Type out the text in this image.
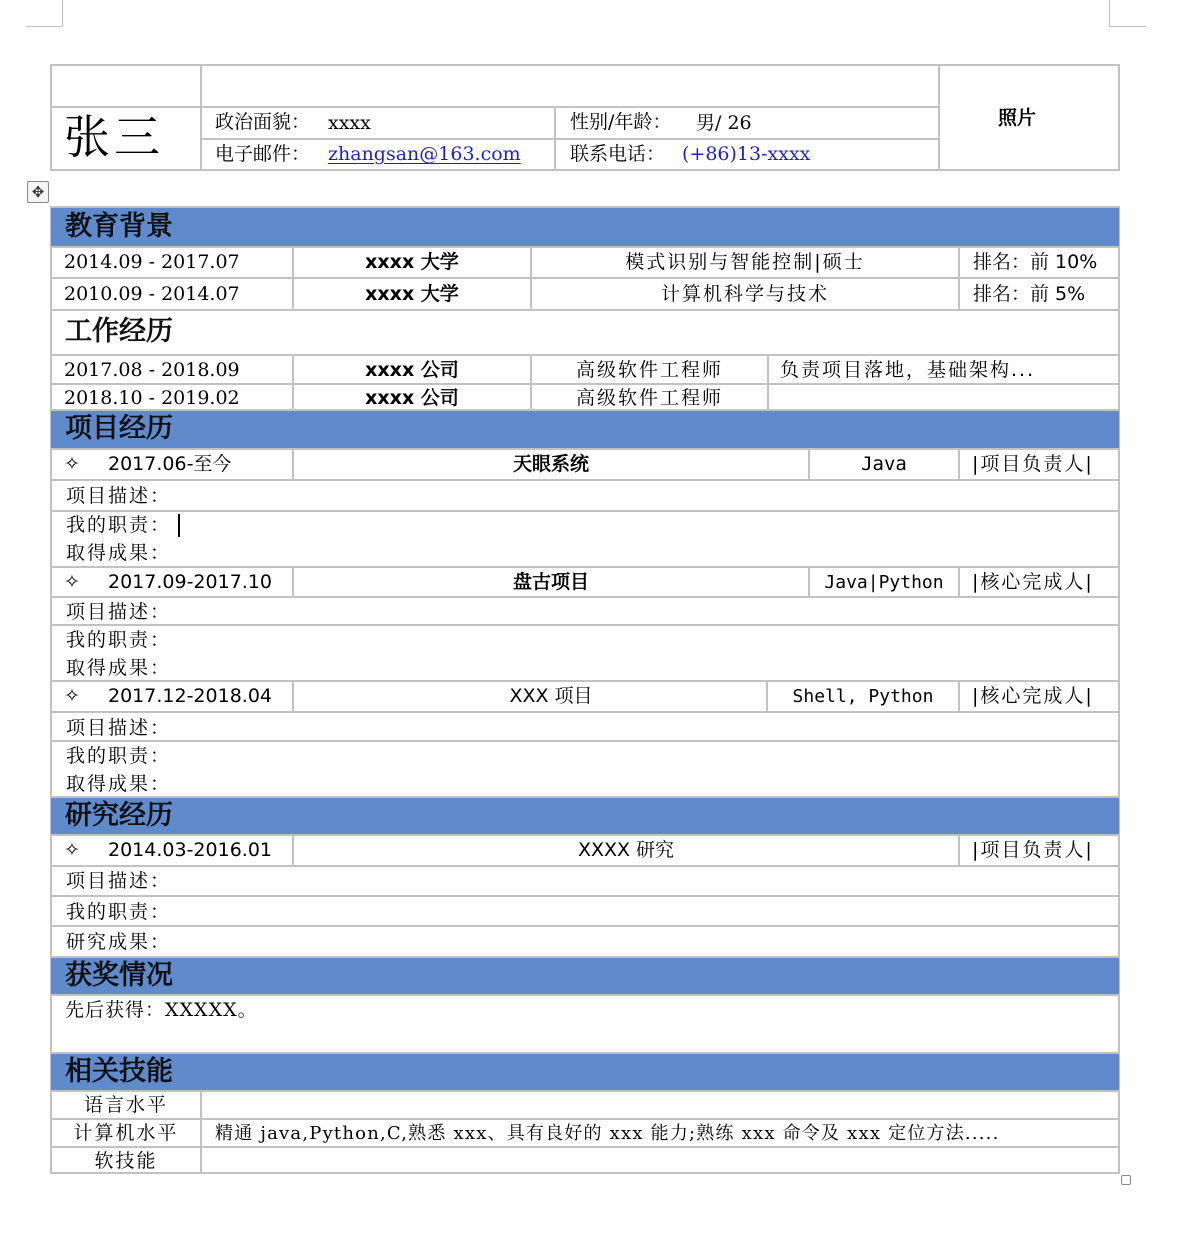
张三	政治面貌： xxxx	性别/年龄： 男/ 26
电子邮件： zhangsan@163.com	联系电话： (+86)13-xxxx
照片
✥
教育背景
2014.09 - 2017.07	xxxx 大学	模式识别与智能控制|硕士	排名：前 10%
2010.09 - 2014.07	xxxx 大学	计算机科学与技术	排名：前 5%
工作经历
2017.08 - 2018.09	xxxx 公司	高级软件工程师	负责项目落地，基础架构...
2018.10 - 2019.02	xxxx 公司	高级软件工程师
项目经历
✧ 2017.06-至今	天眼系统	Java	|项目负责人|
项目描述：
我的职责：
取得成果：
✧ 2017.09-2017.10	盘古项目	Java|Python	|核心完成人|
项目描述：
我的职责：
取得成果：
✧ 2017.12-2018.04	XXX 项目	Shell, Python	|核心完成人|
项目描述：
我的职责：
取得成果：
研究经历
✧ 2014.03-2016.01	XXXX 研究	|项目负责人|
项目描述：
我的职责：
研究成果：
获奖情况
先后获得：XXXXX。
相关技能
语言水平
计算机水平	精通 java,Python,C,熟悉 xxx、具有良好的 xxx 能力;熟练 xxx 命令及 xxx 定位方法.....
软技能
